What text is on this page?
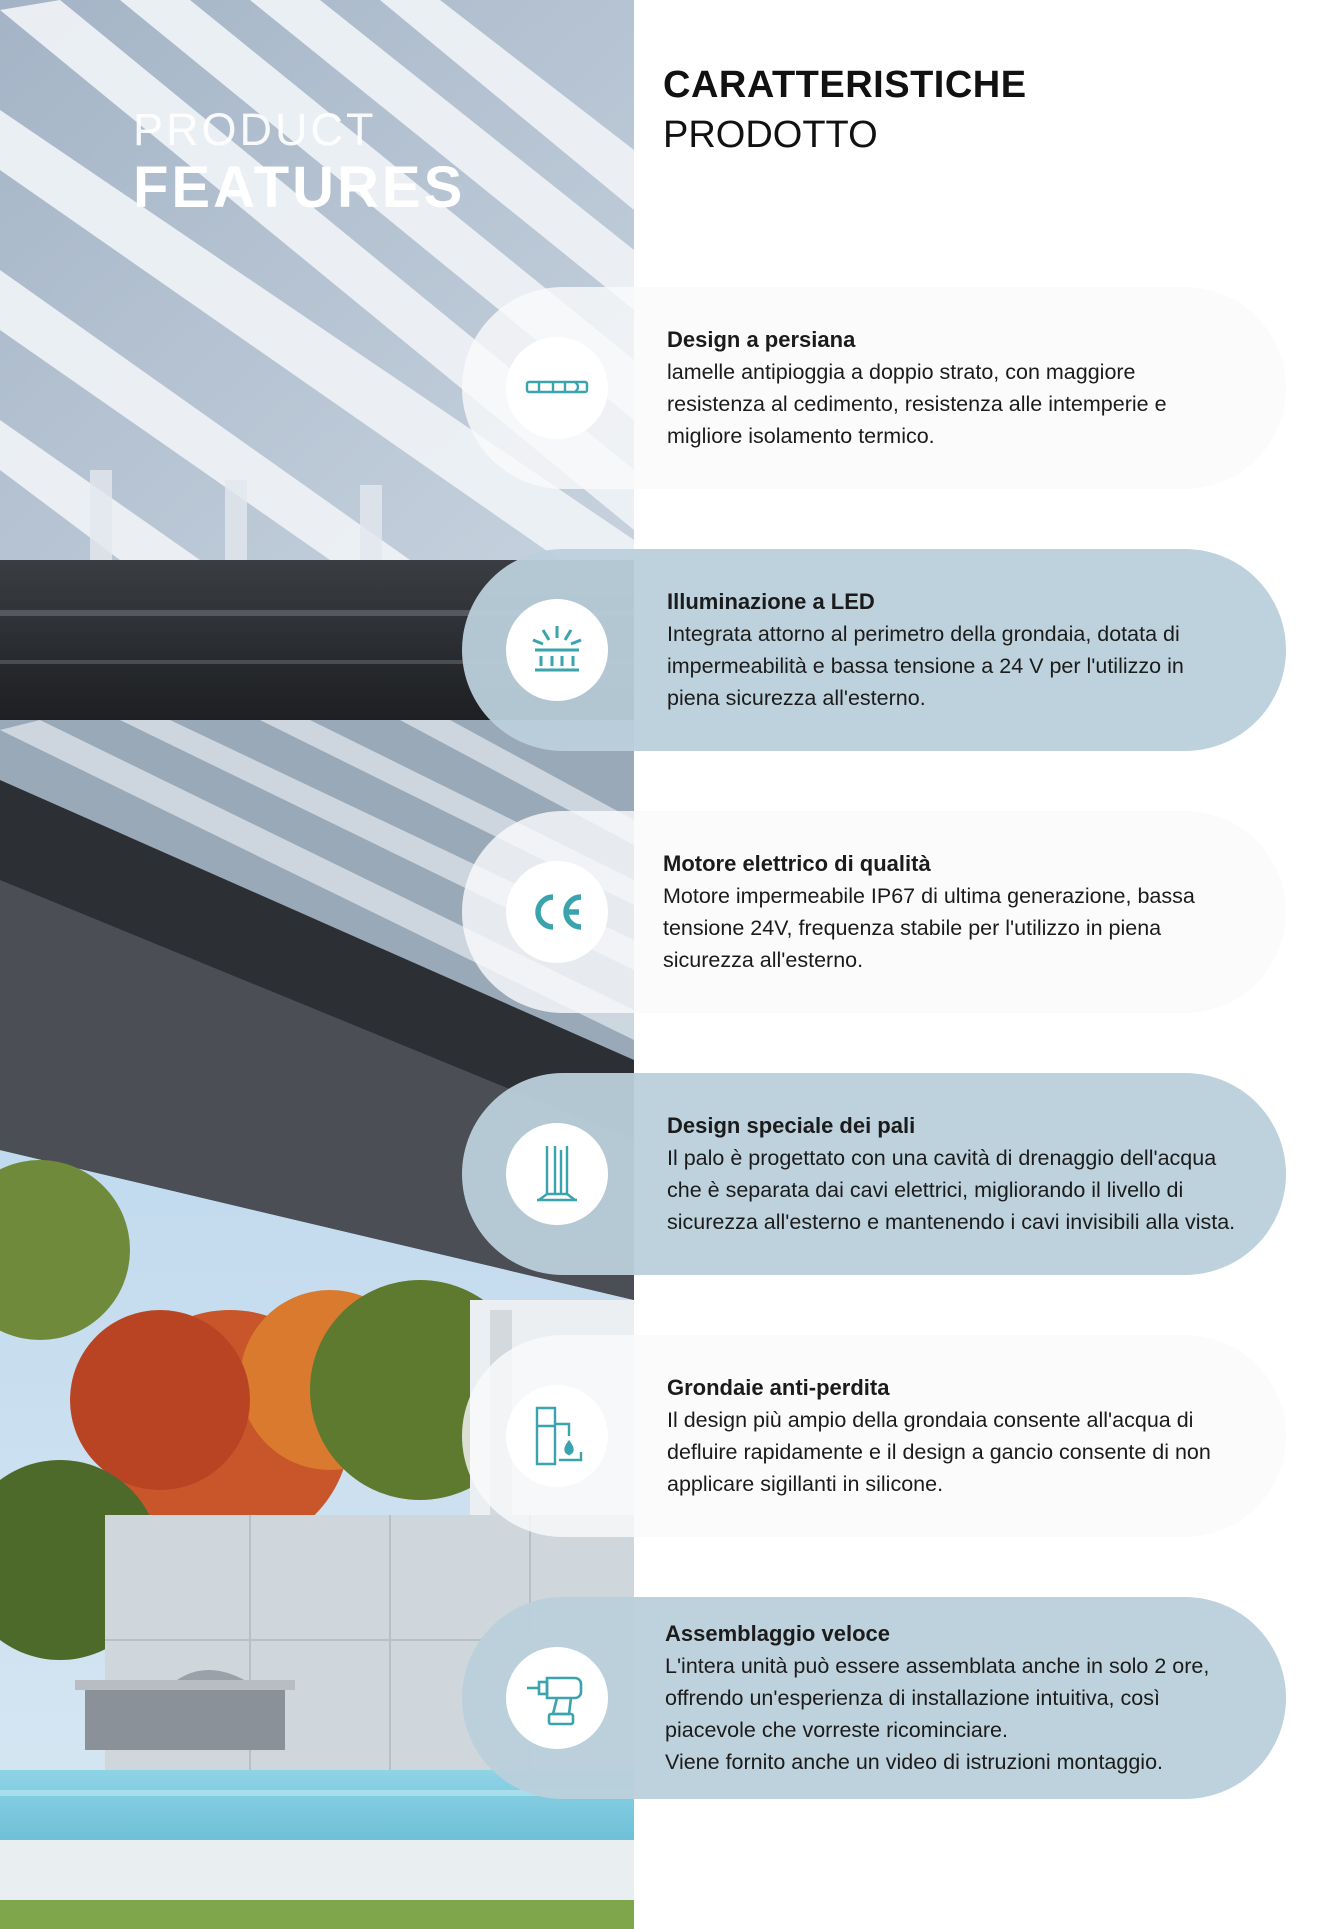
PRODUCT
FEATURES
CARATTERISTICHE
PRODOTTO
Design a persiana
lamelle antipioggia a doppio strato, con maggiore resistenza al cedimento, resistenza alle intemperie e migliore isolamento termico.
Illuminazione a LED
Integrata attorno al perimetro della grondaia, dotata di impermeabilità e bassa tensione a 24 V per l'utilizzo in piena sicurezza all'esterno.
Motore elettrico di qualità
Motore impermeabile IP67 di ultima generazione, bassa tensione 24V, frequenza stabile per l'utilizzo in piena sicurezza all'esterno.
Design speciale dei pali
Il palo è progettato con una cavità di drenaggio dell'acqua che è separata dai cavi elettrici, migliorando il livello di sicurezza all'esterno e mantenendo i cavi invisibili alla vista.
Grondaie anti-perdita
Il design più ampio della grondaia consente all'acqua di defluire rapidamente e il design a gancio consente di non applicare sigillanti in silicone.
Assemblaggio veloce
L'intera unità può essere assemblata anche in solo 2 ore, offrendo un'esperienza di installazione intuitiva, così piacevole che vorreste ricominciare.
Viene fornito anche un video di istruzioni montaggio.
